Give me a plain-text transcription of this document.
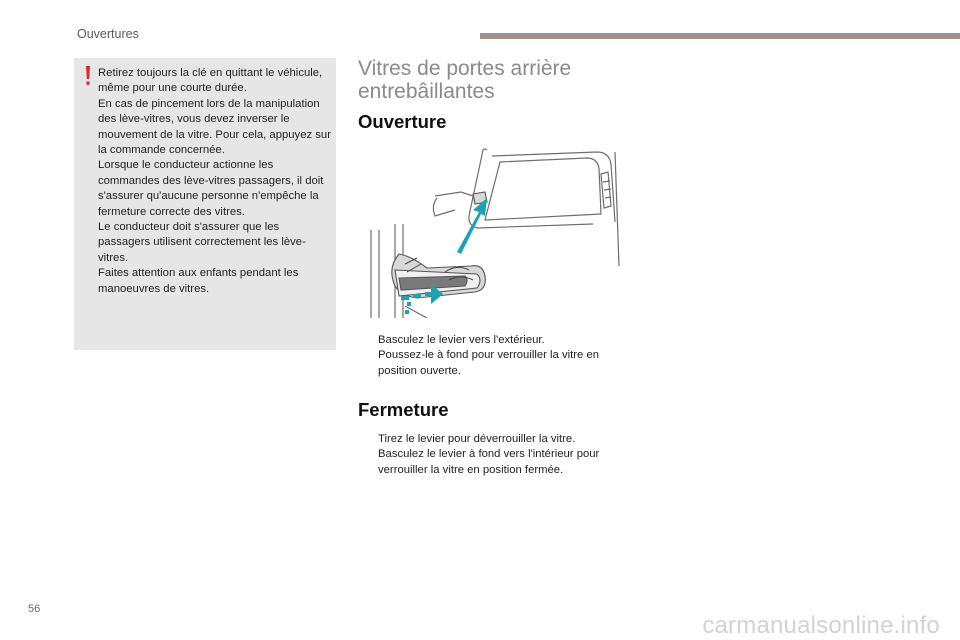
Ouvertures

Retirez toujours la clé en quittant le véhicule, même pour une courte durée.

En cas de pincement lors de la manipulation des lève-vitres, vous devez inverser le mouvement de la vitre. Pour cela, appuyez sur la commande concernée.

Lorsque le conducteur actionne les commandes des lève-vitres passagers, il doit s'assurer qu'aucune personne n'empêche la fermeture correcte des vitres.

Le conducteur doit s'assurer que les passagers utilisent correctement les lève-vitres.

Faites attention aux enfants pendant les manoeuvres de vitres.

Vitres de portes arrière entrebâillantes
Ouverture
Basculez le levier vers l'extérieur.
Poussez-le à fond pour verrouiller la vitre en position ouverte.
Fermeture
Tirez le levier pour déverrouiller la vitre.
Basculez le levier à fond vers l'intérieur pour verrouiller la vitre en position fermée.
56
carmanualsonline.info
